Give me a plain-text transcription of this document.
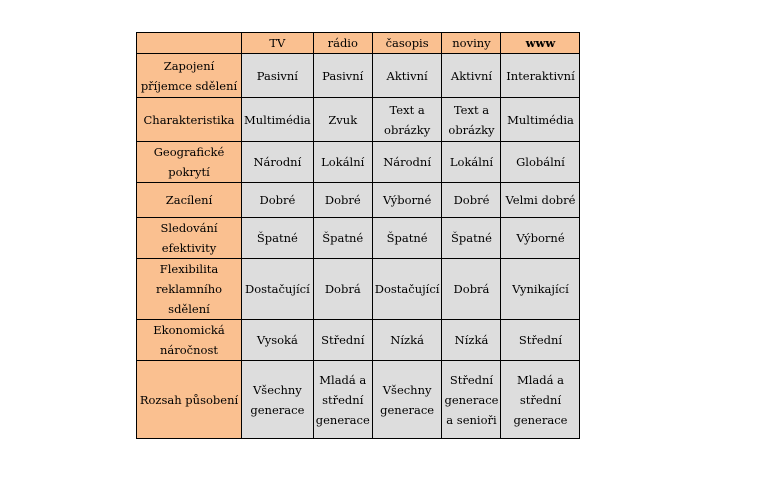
	TV	rádio	časopis	noviny	www
Zapojení příjemce sdělení	Pasivní	Pasivní	Aktivní	Aktivní	Interaktivní
Charakteristika	Multimédia	Zvuk	Text a obrázky	Text a obrázky	Multimédia
Geografické pokrytí	Národní	Lokální	Národní	Lokální	Globální
Zacílení	Dobré	Dobré	Výborné	Dobré	Velmi dobré
Sledování efektivity	Špatné	Špatné	Špatné	Špatné	Výborné
Flexibilita reklamního sdělení	Dostačující	Dobrá	Dostačující	Dobrá	Vynikající
Ekonomická náročnost	Vysoká	Střední	Nízká	Nízká	Střední
Rozsah působení	Všechny generace	Mladá a střední generace	Všechny generace	Střední generace a senioři	Mladá a střední generace
